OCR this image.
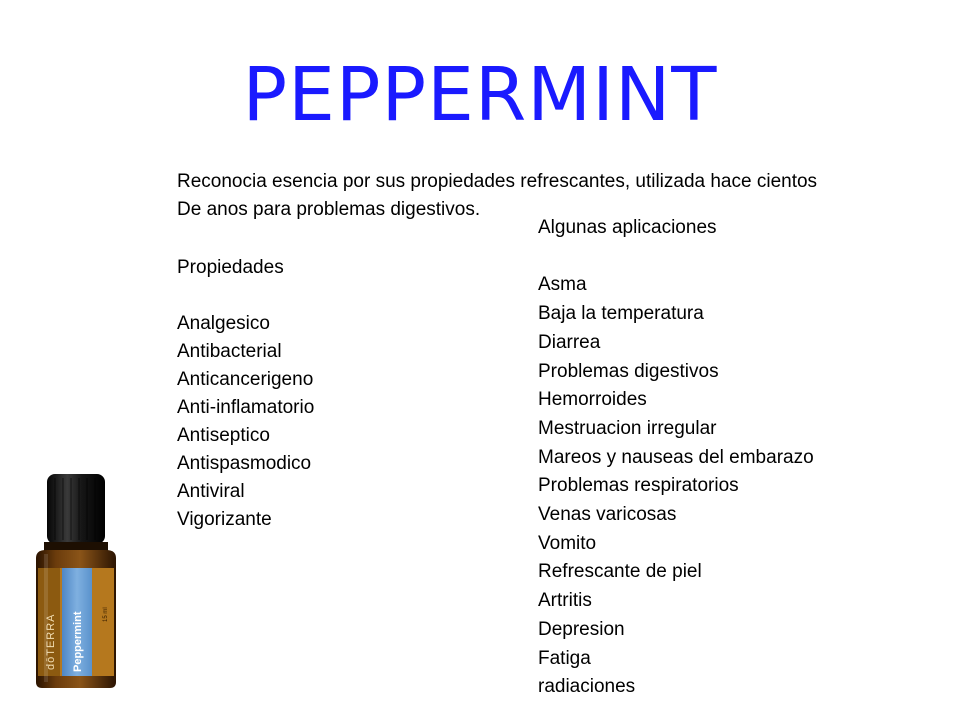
PEPPERMINT

Reconocia esencia por sus propiedades refrescantes, utilizada hace cientos

De anos para problemas digestivos.

Propiedades
Analgesico
Antibacterial
Anticancerigeno
Anti-inflamatorio
Antiseptico
Antispasmodico
Antiviral
Vigorizante
Algunas aplicaciones
Asma
Baja la temperatura
Diarrea
Problemas digestivos
Hemorroides
Mestruacion irregular
Mareos y nauseas del embarazo
Problemas respiratorios
Venas varicosas
Vomito
Refrescante de piel
Artritis
Depresion
Fatiga
radiaciones
dōTERRA Peppermint	15 ml
